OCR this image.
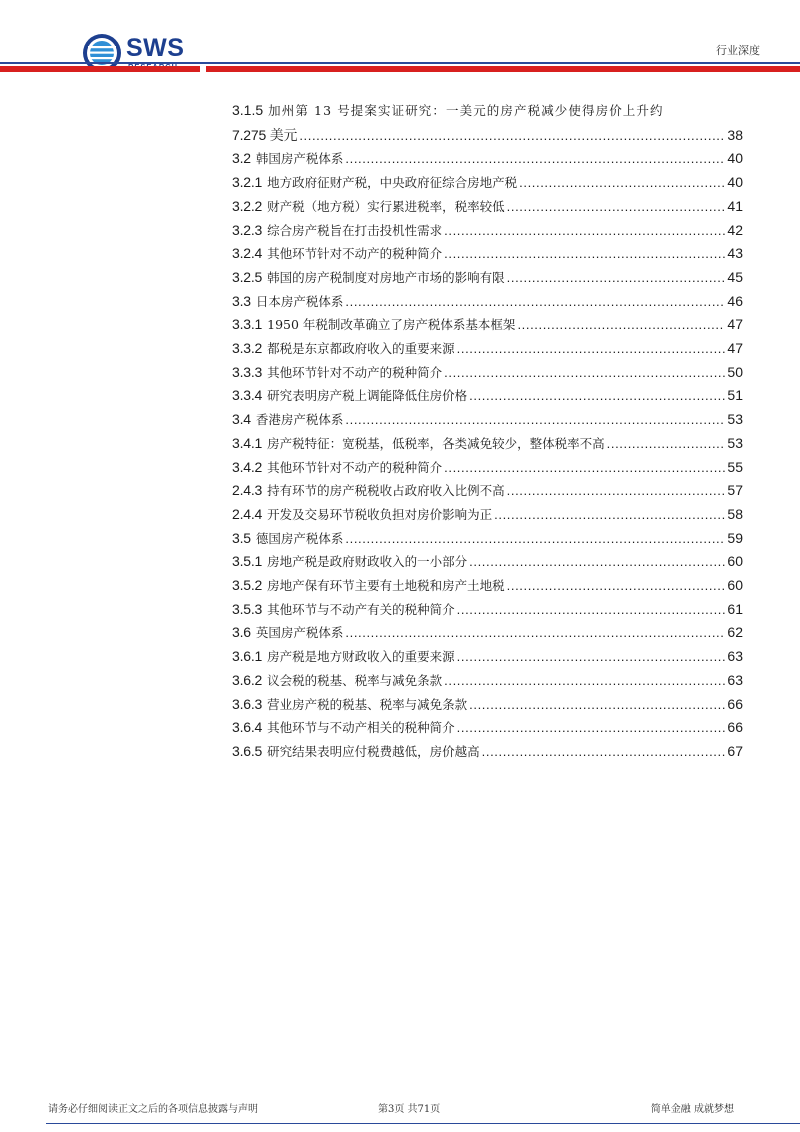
SWS	行业深度
3.1.5 加州第 13 号提案实证研究：一美元的房产税减少使得房价上升约
7.275 美元 .....	38
3.2 韩国房产税体系 .....	40
3.2.1 地方政府征财产税，中央政府征综合房地产税 .....	40
3.2.2 财产税（地方税）实行累进税率，税率较低 .....	41
3.2.3 综合房产税旨在打击投机性需求 .....	42
3.2.4 其他环节针对不动产的税种简介 .....	43
3.2.5 韩国的房产税制度对房地产市场的影响有限 .....	45
3.3 日本房产税体系 .....	46
3.3.1 1950 年税制改革确立了房产税体系基本框架 .....	47
3.3.2 都税是东京都政府收入的重要来源 .....	47
3.3.3 其他环节针对不动产的税种简介 .....	50
3.3.4 研究表明房产税上调能降低住房价格 .....	51
3.4 香港房产税体系 .....	53
3.4.1 房产税特征：宽税基，低税率，各类减免较少，整体税率不高 .....	53
3.4.2 其他环节针对不动产的税种简介 .....	55
2.4.3 持有环节的房产税税收占政府收入比例不高 .....	57
2.4.4 开发及交易环节税收负担对房价影响为正 .....	58
3.5 德国房产税体系 .....	59
3.5.1 房地产税是政府财政收入的一小部分 .....	60
3.5.2 房地产保有环节主要有土地税和房产土地税 .....	60
3.5.3 其他环节与不动产有关的税种简介 .....	61
3.6 英国房产税体系 .....	62
3.6.1 房产税是地方财政收入的重要来源 .....	63
3.6.2 议会税的税基、税率与减免条款 .....	63
3.6.3 营业房产税的税基、税率与减免条款 .....	66
3.6.4 其他环节与不动产相关的税种简介 .....	66
3.6.5 研究结果表明应付税费越低，房价越高 .....	67
请务必仔细阅读正文之后的各项信息披露与声明	第3页 共71页	简单金融 成就梦想
